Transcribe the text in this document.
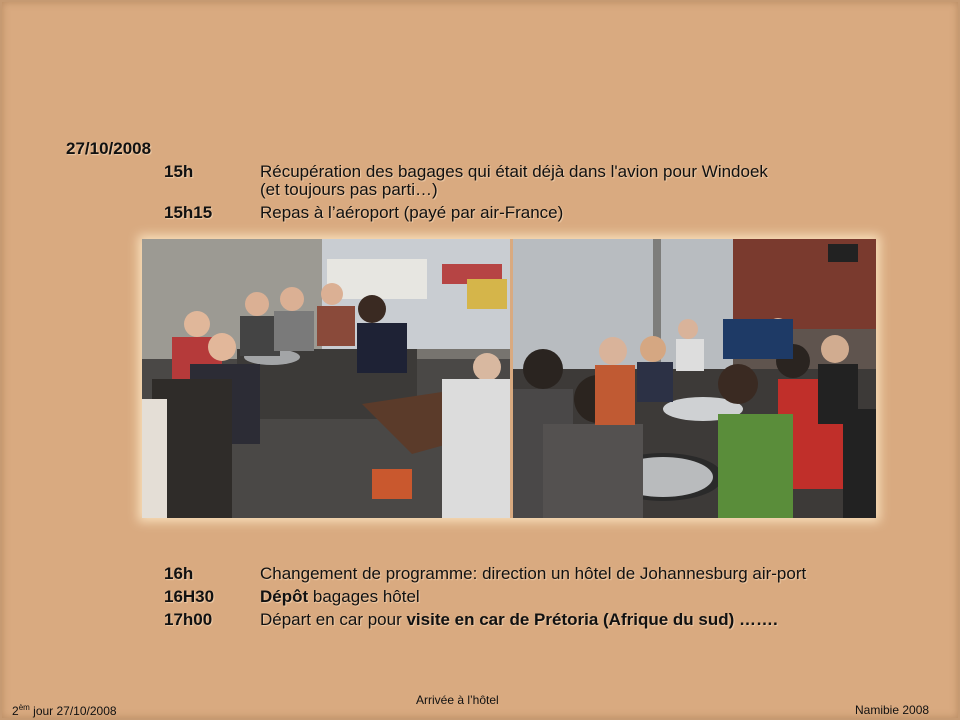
27/10/2008
15h	Récupération des bagages qui était déjà dans l'avion pour Windoek
(et toujours pas parti…)
15h15	Repas à l’aéroport (payé par air-France)
16h	Changement de programme: direction un hôtel de Johannesburg air-port
16H30	Dépôt bagages hôtel
17h00	Départ en car pour visite en car de Prétoria (Afrique du sud) …….
$2^{èm}$ jour 27/10/2008
Arrivée à l’hôtel
Namibie 2008
